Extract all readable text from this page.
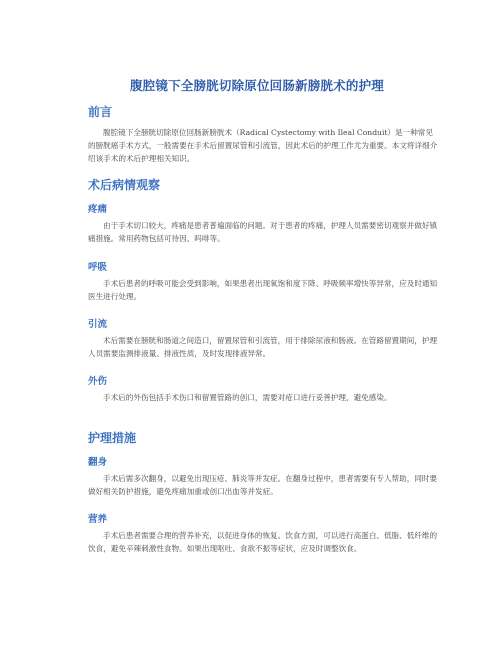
腹腔镜下全膀胱切除原位回肠新膀胱术的护理
前言

腹腔镜下全膀胱切除原位回肠新膀胱术（Radical Cystectomy with Ileal Conduit）是一种常见的膀胱癌手术方式，一般需要在手术后留置尿管和引流管，因此术后的护理工作尤为重要。本文将详细介绍该手术的术后护理相关知识。

术后病情观察
疼痛

由于手术切口较大，疼痛是患者普遍面临的问题。对于患者的疼痛，护理人员需要密切观察并做好镇痛措施。常用药物包括可待因、吗啡等。

呼吸

手术后患者的呼吸可能会受到影响，如果患者出现氧饱和度下降、呼吸频率增快等异常，应及时通知医生进行处理。

引流

术后需要在膀胱和肠道之间造口，留置尿管和引流管，用于排除尿液和肠液。在管路留置期间，护理人员需要监测排液量、排液性质，及时发现排液异常。

外伤

手术后的外伤包括手术伤口和留置管路的创口，需要对疮口进行妥善护理，避免感染。

护理措施
翻身

手术后需多次翻身，以避免出现压疮、肺炎等并发症。在翻身过程中，患者需要有专人帮助，同时要做好相关防护措施，避免疼痛加重或创口出血等并发症。

营养

手术后患者需要合理的营养补充，以促进身体的恢复。饮食方面，可以进行高蛋白、低脂、低纤维的饮食，避免辛辣刺激性食物。如果出现呕吐、食欲不振等症状，应及时调整饮食。
